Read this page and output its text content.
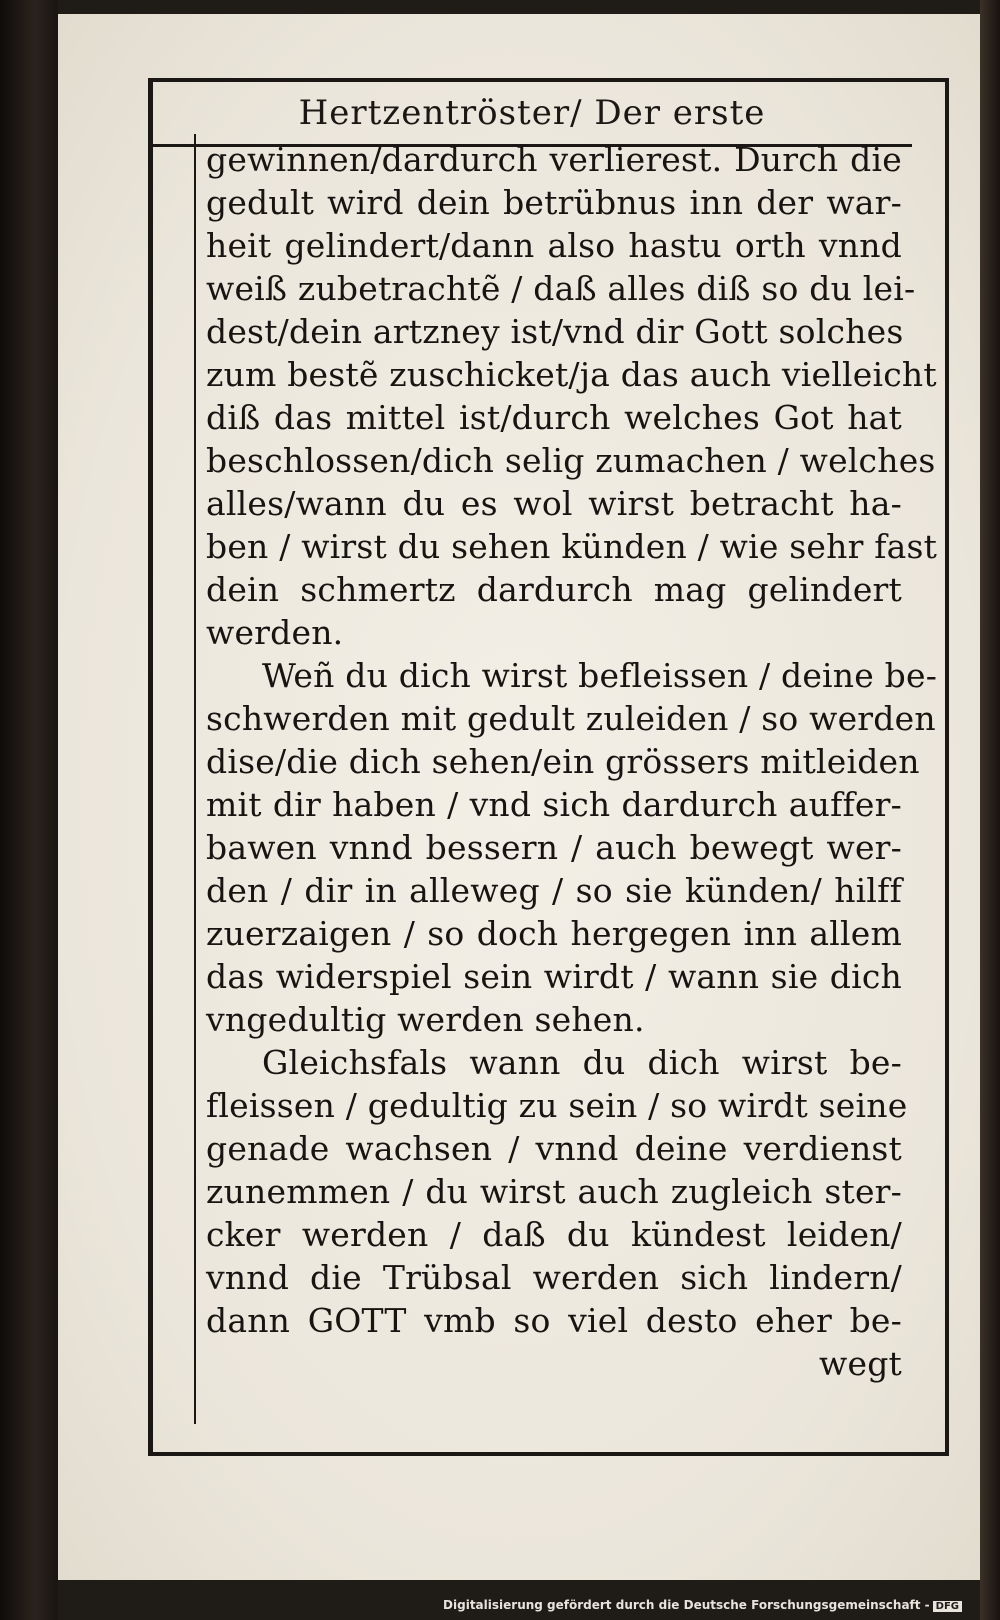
Hertzentröster/ Der erste
gewinnen/dardurch verlierest. Durch die
gedult wird dein betrübnus inn der war-
heit gelindert/dann also hastu orth vnnd
weiß zubetrachtẽ / daß alles diß so du lei-
dest/dein artzney ist/vnd dir Gott solches
zum bestẽ zuschicket/ja das auch vielleicht
diß das mittel ist/durch welches Got hat
beschlossen/dich selig zumachen / welches
alles/wann du es wol wirst betracht ha-
ben / wirst du sehen künden / wie sehr fast
dein schmertz dardurch mag gelindert
werden.
Weñ du dich wirst befleissen / deine be-
schwerden mit gedult zuleiden / so werden
dise/die dich sehen/ein grössers mitleiden
mit dir haben / vnd sich dardurch auffer-
bawen vnnd bessern / auch bewegt wer-
den / dir in alleweg / so sie künden/ hilff
zuerzaigen / so doch hergegen inn allem
das widerspiel sein wirdt / wann sie dich
vngedultig werden sehen.
Gleichsfals wann du dich wirst be-
fleissen / gedultig zu sein / so wirdt seine
genade wachsen / vnnd deine verdienst
zunemmen / du wirst auch zugleich ster-
cker werden / daß du kündest leiden/
vnnd die Trübsal werden sich lindern/
dann GOTT vmb so viel desto eher be-
wegt
Digitalisierung gefördert durch die Deutsche Forschungsgemeinschaft - DFG
